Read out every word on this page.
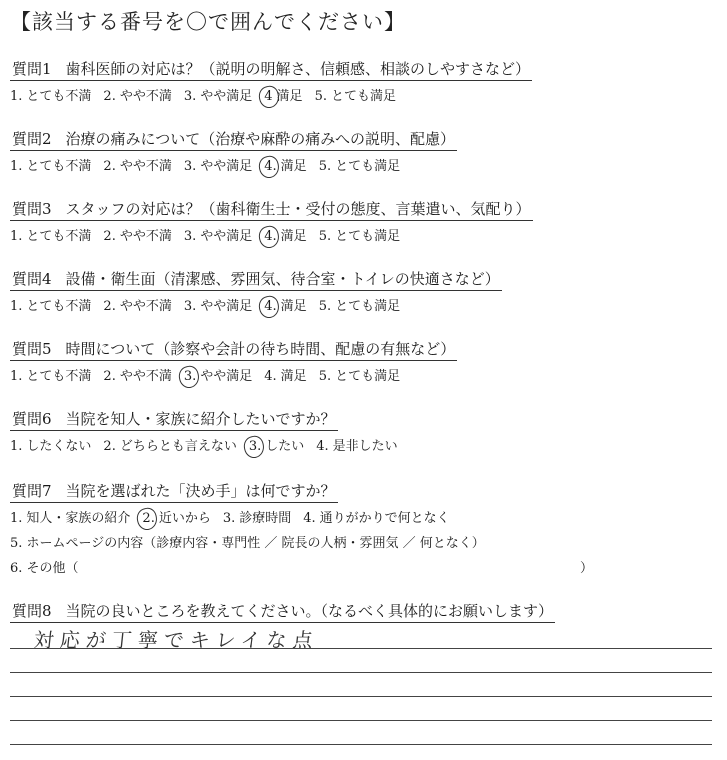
【該当する番号を〇で囲んでください】
質問1 歯科医師の対応は？（説明の明解さ、信頼感、相談のしやすさなど）
1. とても不満 2. やや不満 3. やや満足 4 満足 5. とても満足
質問2 治療の痛みについて（治療や麻酔の痛みへの説明、配慮）
1. とても不満 2. やや不満 3. やや満足 4. 満足 5. とても満足
質問3 スタッフの対応は？（歯科衛生士・受付の態度、言葉遣い、気配り）
1. とても不満 2. やや不満 3. やや満足 4. 満足 5. とても満足
質問4 設備・衛生面（清潔感、雰囲気、待合室・トイレの快適さなど）
1. とても不満 2. やや不満 3. やや満足 4. 満足 5. とても満足
質問5 時間について（診察や会計の待ち時間、配慮の有無など）
1. とても不満 2. やや不満 3. やや満足 4. 満足 5. とても満足
質問6 当院を知人・家族に紹介したいですか？
1. したくない 2. どちらとも言えない 3. したい 4. 是非したい
質問7 当院を選ばれた「決め手」は何ですか？
1. 知人・家族の紹介 2. 近いから 3. 診療時間 4. 通りがかりで何となく
5. ホームページの内容（診療内容・専門性 ／ 院長の人柄・雰囲気 ／ 何となく）
6. その他（	）
質問8 当院の良いところを教えてください。（なるべく具体的にお願いします）
対応が丁寧でキレイな点
